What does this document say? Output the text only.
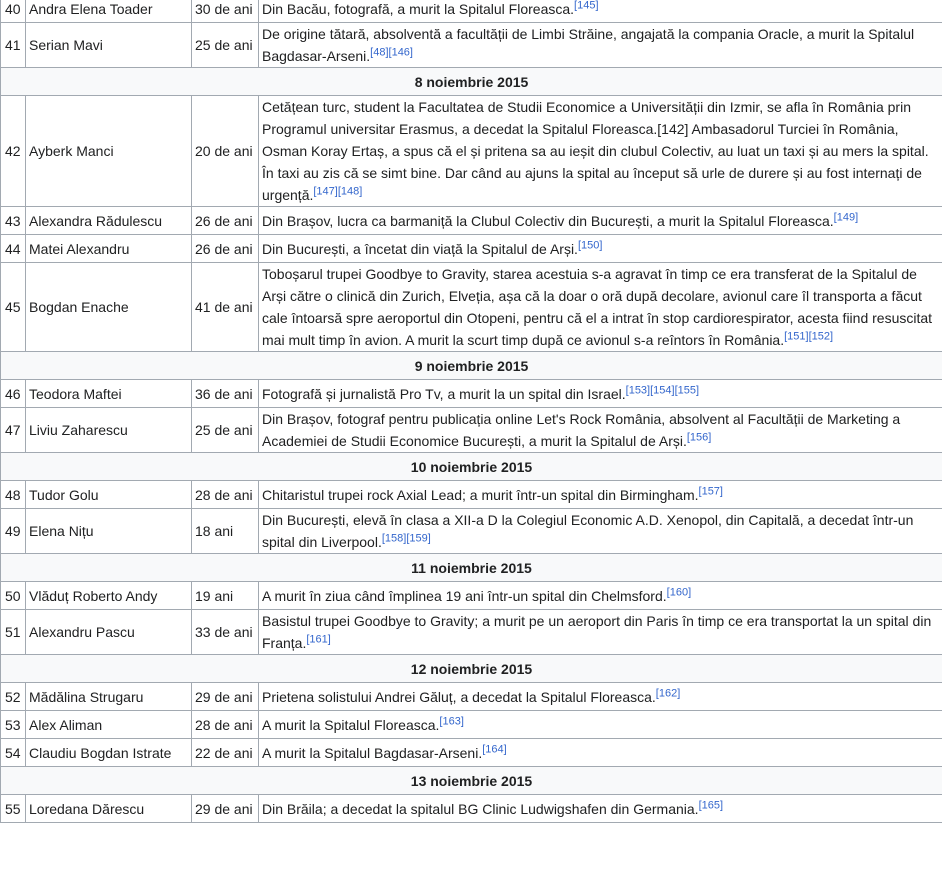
40	Andra Elena Toader	30 de ani	Din Bacău, fotografă, a murit la Spitalul Floreasca.[145]
41	Serian Mavi	25 de ani	De origine tătară, absolventă a facultății de Limbi Străine, angajată la compania Oracle, a murit la Spitalul Bagdasar-Arseni.[48][146]
8 noiembrie 2015			
42	Ayberk Manci	20 de ani	Cetățean turc, student la Facultatea de Studii Economice a Universității din Izmir, se afla în România prin Programul universitar Erasmus, a decedat la Spitalul Floreasca.[142] Ambasadorul Turciei în România, Osman Koray Ertaș, a spus că el și pritena sa au ieșit din clubul Colectiv, au luat un taxi și au mers la spital. În taxi au zis că se simt bine. Dar când au ajuns la spital au început să urle de durere și au fost internați de urgență.[147][148]
43	Alexandra Rădulescu	26 de ani	Din Brașov, lucra ca barmaniță la Clubul Colectiv din București, a murit la Spitalul Floreasca.[149]
44	Matei Alexandru	26 de ani	Din București, a încetat din viață la Spitalul de Arși.[150]
45	Bogdan Enache	41 de ani	Toboșarul trupei Goodbye to Gravity, starea acestuia s-a agravat în timp ce era transferat de la Spitalul de Arși către o clinică din Zurich, Elveția, așa că la doar o oră după decolare, avionul care îl transporta a făcut cale întoarsă spre aeroportul din Otopeni, pentru că el a intrat în stop cardiorespirator, acesta fiind resuscitat mai mult timp în avion. A murit la scurt timp după ce avionul s-a reîntors în România.[151][152]
9 noiembrie 2015			
46	Teodora Maftei	36 de ani	Fotografă și jurnalistă Pro Tv, a murit la un spital din Israel.[153][154][155]
47	Liviu Zaharescu	25 de ani	Din Brașov, fotograf pentru publicația online Let's Rock România, absolvent al Facultății de Marketing a Academiei de Studii Economice București, a murit la Spitalul de Arși.[156]
10 noiembrie 2015			
48	Tudor Golu	28 de ani	Chitaristul trupei rock Axial Lead; a murit într-un spital din Birmingham.[157]
49	Elena Nițu	18 ani	Din București, elevă în clasa a XII-a D la Colegiul Economic A.D. Xenopol, din Capitală, a decedat într-un spital din Liverpool.[158][159]
11 noiembrie 2015			
50	Vlăduț Roberto Andy	19 ani	A murit în ziua când împlinea 19 ani într-un spital din Chelmsford.[160]
51	Alexandru Pascu	33 de ani	Basistul trupei Goodbye to Gravity; a murit pe un aeroport din Paris în timp ce era transportat la un spital din Franța.[161]
12 noiembrie 2015			
52	Mădălina Strugaru	29 de ani	Prietena solistului Andrei Găluț, a decedat la Spitalul Floreasca.[162]
53	Alex Aliman	28 de ani	A murit la Spitalul Floreasca.[163]
54	Claudiu Bogdan Istrate	22 de ani	A murit la Spitalul Bagdasar-Arseni.[164]
13 noiembrie 2015			
55	Loredana Dărescu	29 de ani	Din Brăila; a decedat la spitalul BG Clinic Ludwigshafen din Germania.[165]
